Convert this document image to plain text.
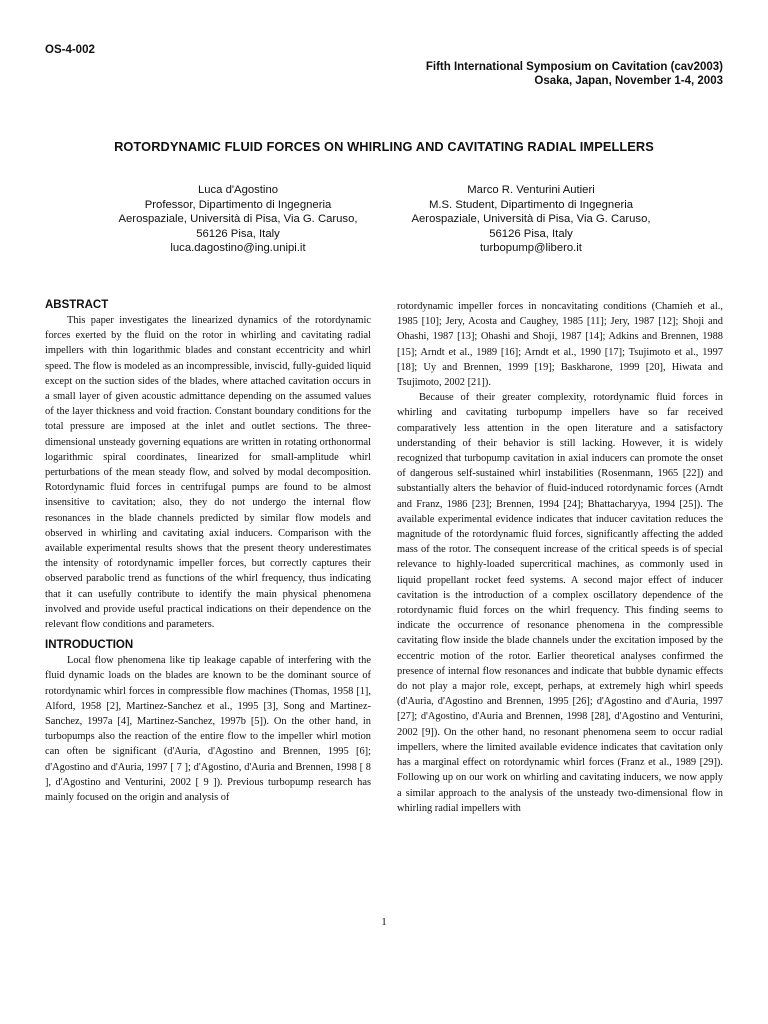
OS-4-002
Fifth International Symposium on Cavitation (cav2003)
Osaka, Japan, November 1-4, 2003
ROTORDYNAMIC FLUID FORCES ON WHIRLING AND CAVITATING RADIAL IMPELLERS
Luca d'Agostino
Professor, Dipartimento di Ingegneria
Aerospaziale, Università di Pisa, Via G. Caruso,
56126 Pisa, Italy
luca.dagostino@ing.unipi.it
Marco R. Venturini Autieri
M.S. Student, Dipartimento di Ingegneria
Aerospaziale, Università di Pisa, Via G. Caruso,
56126 Pisa, Italy
turbopump@libero.it
ABSTRACT

This paper investigates the linearized dynamics of the rotordynamic forces exerted by the fluid on the rotor in whirling and cavitating radial impellers with thin logarithmic blades and constant eccentricity and whirl speed. The flow is modeled as an incompressible, inviscid, fully-guided liquid except on the suction sides of the blades, where attached cavitation occurs in a small layer of given acoustic admittance depending on the assumed values of the layer thickness and void fraction. Constant boundary conditions for the total pressure are imposed at the inlet and outlet sections. The three-dimensional unsteady governing equations are written in rotating orthonormal logarithmic spiral coordinates, linearized for small-amplitude whirl perturbations of the mean steady flow, and solved by modal decomposition. Rotordynamic fluid forces in centrifugal pumps are found to be almost insensitive to cavitation; also, they do not undergo the internal flow resonances in the blade channels predicted by similar flow models and observed in whirling and cavitating axial inducers. Comparison with the available experimental results shows that the present theory underestimates the intensity of rotordynamic impeller forces, but correctly captures their observed parabolic trend as functions of the whirl frequency, thus indicating that it can usefully contribute to identify the main physical phenomena involved and provide useful practical indications on their dependence on the relevant flow conditions and parameters.

INTRODUCTION

Local flow phenomena like tip leakage capable of interfering with the fluid dynamic loads on the blades are known to be the dominant source of rotordynamic whirl forces in compressible flow machines (Thomas, 1958 [1], Alford, 1958 [2], Martinez-Sanchez et al., 1995 [3], Song and Martinez-Sanchez, 1997a [4], Martinez-Sanchez, 1997b [5]). On the other hand, in turbopumps also the reaction of the entire flow to the impeller whirl motion can often be significant (d'Auria, d'Agostino and Brennen, 1995 [6]; d'Agostino and d'Auria, 1997 [ 7 ]; d'Agostino, d'Auria and Brennen, 1998 [ 8 ], d'Agostino and Venturini, 2002 [ 9 ]). Previous turbopump research has mainly focused on the origin and analysis of

rotordynamic impeller forces in noncavitating conditions (Chamieh et al., 1985 [10]; Jery, Acosta and Caughey, 1985 [11]; Jery, 1987 [12]; Shoji and Ohashi, 1987 [13]; Ohashi and Shoji, 1987 [14]; Adkins and Brennen, 1988 [15]; Arndt et al., 1989 [16]; Arndt et al., 1990 [17]; Tsujimoto et al., 1997 [18]; Uy and Brennen, 1999 [19]; Baskharone, 1999 [20], Hiwata and Tsujimoto, 2002 [21]).

Because of their greater complexity, rotordynamic fluid forces in whirling and cavitating turbopump impellers have so far received comparatively less attention in the open literature and a satisfactory understanding of their behavior is still lacking. However, it is widely recognized that turbopump cavitation in axial inducers can promote the onset of dangerous self-sustained whirl instabilities (Rosenmann, 1965 [22]) and substantially alters the behavior of fluid-induced rotordynamic forces (Arndt and Franz, 1986 [23]; Brennen, 1994 [24]; Bhattacharyya, 1994 [25]). The available experimental evidence indicates that inducer cavitation reduces the magnitude of the rotordynamic fluid forces, significantly affecting the added mass of the rotor. The consequent increase of the critical speeds is of special relevance to highly-loaded supercritical machines, as commonly used in liquid propellant rocket feed systems. A second major effect of inducer cavitation is the introduction of a complex oscillatory dependence of the rotordynamic fluid forces on the whirl frequency. This finding seems to indicate the occurrence of resonance phenomena in the compressible cavitating flow inside the blade channels under the excitation imposed by the eccentric motion of the rotor. Earlier theoretical analyses confirmed the presence of internal flow resonances and indicate that bubble dynamic effects do not play a major role, except, perhaps, at extremely high whirl speeds (d'Auria, d'Agostino and Brennen, 1995 [26]; d'Agostino and d'Auria, 1997 [27]; d'Agostino, d'Auria and Brennen, 1998 [28], d'Agostino and Venturini, 2002 [9]). On the other hand, no resonant phenomena seem to occur radial impellers, where the limited available evidence indicates that cavitation only has a marginal effect on rotordynamic whirl forces (Franz et al., 1989 [29]). Following up on our work on whirling and cavitating inducers, we now apply a similar approach to the analysis of the unsteady two-dimensional flow in whirling radial impellers with

1
